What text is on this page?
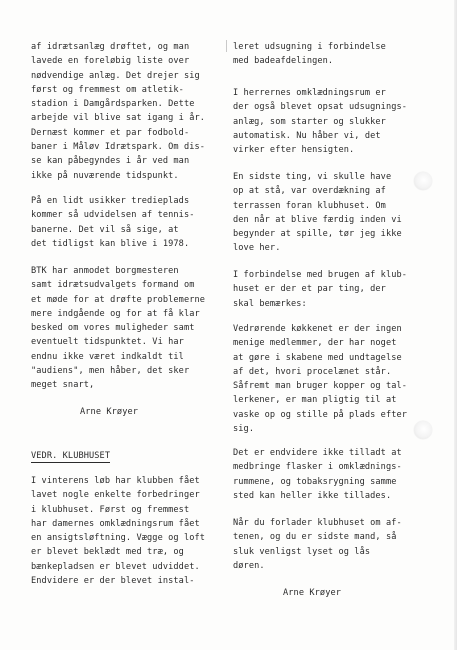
af idrætsanlæg drøftet, og man
lavede en foreløbig liste over
nødvendige anlæg. Det drejer sig
først og fremmest om atletik-
stadion i Damgårdsparken. Dette
arbejde vil blive sat igang i år.
Dernæst kommer et par fodbold-
baner i Måløv Idrætspark. Om dis-
se kan påbegyndes i år ved man
ikke på nuværende tidspunkt.
På en lidt usikker tredieplads
kommer så udvidelsen af tennis-
banerne. Det vil så sige, at
det tidligst kan blive i 1978.
BTK har anmodet borgmesteren
samt idrætsudvalgets formand om
et møde for at drøfte problemerne
mere indgående og for at få klar
besked om vores muligheder samt
eventuelt tidspunktet. Vi har
endnu ikke været indkaldt til
"audiens", men håber, det sker
meget snart,
Arne Krøyer
VEDR. KLUBHUSET
I vinterens løb har klubben fået
lavet nogle enkelte forbedringer
i klubhuset. Først og fremmest
har damernes omklædningsrum fået
en ansigtsløftning. Vægge og loft
er blevet beklædt med træ, og
bænkepladsen er blevet udviddet.
Endvidere er der blevet instal-
leret udsugning i forbindelse
med badeafdelingen.
I herrernes omklædningsrum er
der også blevet opsat udsugnings-
anlæg, som starter og slukker
automatisk. Nu håber vi, det
virker efter hensigten.
En sidste ting, vi skulle have
op at stå, var overdækning af
terrassen foran klubhuset. Om
den når at blive færdig inden vi
begynder at spille, tør jeg ikke
love her.
I forbindelse med brugen af klub-
huset er der et par ting, der
skal bemærkes:
Vedrørende køkkenet er der ingen
menige medlemmer, der har noget
at gøre i skabene med undtagelse
af det, hvori procelænet står.
Såfremt man bruger kopper og tal-
lerkener, er man pligtig til at
vaske op og stille på plads efter
sig.
Det er endvidere ikke tilladt at
medbringe flasker i omklædnings-
rummene, og tobaksrygning samme
sted kan heller ikke tillades.
Når du forlader klubhuset om af-
tenen, og du er sidste mand, så
sluk venligst lyset og lås
døren.
Arne Krøyer
